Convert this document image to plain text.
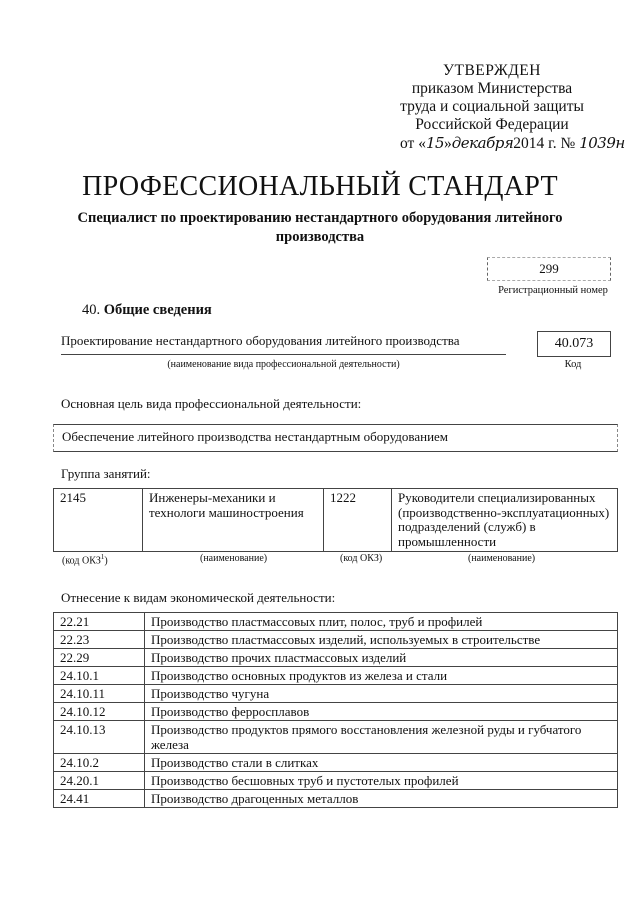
УТВЕРЖДЕН
приказом Министерства
труда и социальной защиты
Российской Федерации
от «15»декабря2014 г. № 1039н
ПРОФЕССИОНАЛЬНЫЙ СТАНДАРТ
Специалист по проектированию нестандартного оборудования литейного производства
299
Регистрационный номер
40. Общие сведения
Проектирование нестандартного оборудования литейного производства
(наименование вида профессиональной деятельности)
40.073
Код
Основная цель вида профессиональной деятельности:
Обеспечение литейного производства нестандартным оборудованием
Группа занятий:
2145	Инженеры-механики и технологи машиностроения	1222	Руководители специализированных (производственно-эксплуатационных) подразделений (служб) в промышленности
(код ОКЗ$^1$)	(наименование)	(код ОКЗ)	(наименование)
Отнесение к видам экономической деятельности:
22.21	Производство пластмассовых плит, полос, труб и профилей
22.23	Производство пластмассовых изделий, используемых в строительстве
22.29	Производство прочих пластмассовых изделий
24.10.1	Производство основных продуктов из железа и стали
24.10.11	Производство чугуна
24.10.12	Производство ферросплавов
24.10.13	Производство продуктов прямого восстановления железной руды и губчатого железа
24.10.2	Производство стали в слитках
24.20.1	Производство бесшовных труб и пустотелых профилей
24.41	Производство драгоценных металлов
